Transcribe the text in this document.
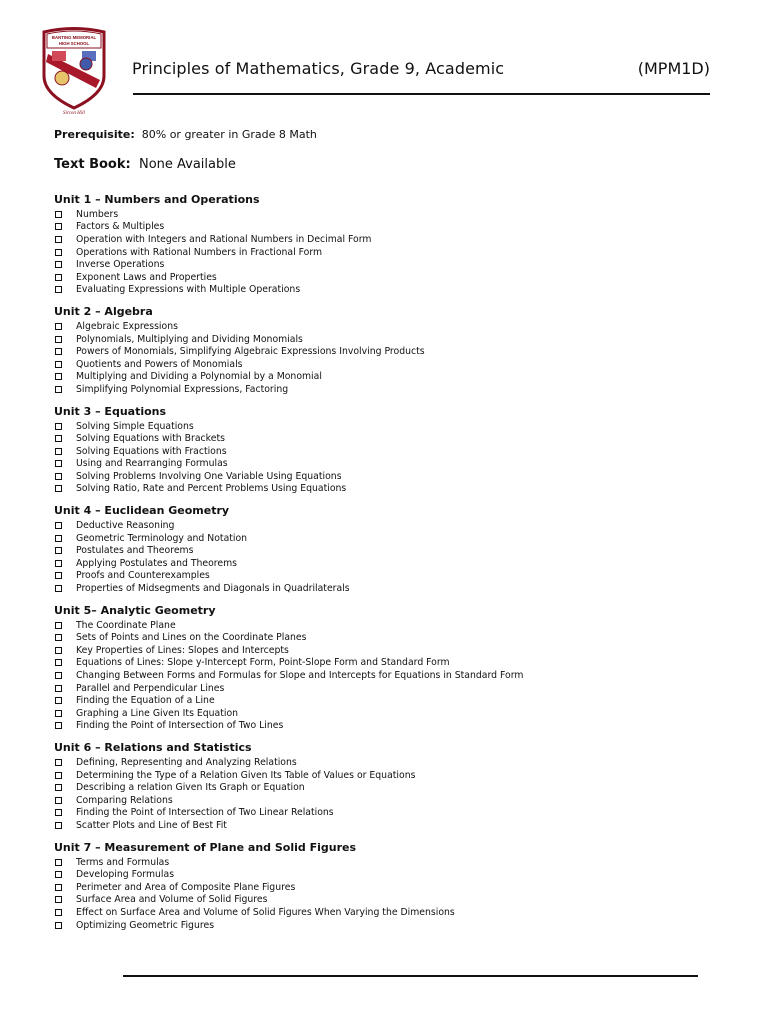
BANTING MEMORIAL
HIGH SCHOOL
Sircon Hill
Principles of Mathematics, Grade 9, Academic	(MPM1D)
Prerequisite: 80% or greater in Grade 8 Math
Text Book: None Available
Unit 1 – Numbers and Operations
Numbers
Factors & Multiples
Operation with Integers and Rational Numbers in Decimal Form
Operations with Rational Numbers in Fractional Form
Inverse Operations
Exponent Laws and Properties
Evaluating Expressions with Multiple Operations
Unit 2 – Algebra
Algebraic Expressions
Polynomials, Multiplying and Dividing Monomials
Powers of Monomials, Simplifying Algebraic Expressions Involving Products
Quotients and Powers of Monomials
Multiplying and Dividing a Polynomial by a Monomial
Simplifying Polynomial Expressions, Factoring
Unit 3 – Equations
Solving Simple Equations
Solving Equations with Brackets
Solving Equations with Fractions
Using and Rearranging Formulas
Solving Problems Involving One Variable Using Equations
Solving Ratio, Rate and Percent Problems Using Equations
Unit 4 – Euclidean Geometry
Deductive Reasoning
Geometric Terminology and Notation
Postulates and Theorems
Applying Postulates and Theorems
Proofs and Counterexamples
Properties of Midsegments and Diagonals in Quadrilaterals
Unit 5– Analytic Geometry
The Coordinate Plane
Sets of Points and Lines on the Coordinate Planes
Key Properties of Lines: Slopes and Intercepts
Equations of Lines: Slope y-Intercept Form, Point-Slope Form and Standard Form
Changing Between Forms and Formulas for Slope and Intercepts for Equations in Standard Form
Parallel and Perpendicular Lines
Finding the Equation of a Line
Graphing a Line Given Its Equation
Finding the Point of Intersection of Two Lines
Unit 6 – Relations and Statistics
Defining, Representing and Analyzing Relations
Determining the Type of a Relation Given Its Table of Values or Equations
Describing a relation Given Its Graph or Equation
Comparing Relations
Finding the Point of Intersection of Two Linear Relations
Scatter Plots and Line of Best Fit
Unit 7 – Measurement of Plane and Solid Figures
Terms and Formulas
Developing Formulas
Perimeter and Area of Composite Plane Figures
Surface Area and Volume of Solid Figures
Effect on Surface Area and Volume of Solid Figures When Varying the Dimensions
Optimizing Geometric Figures
